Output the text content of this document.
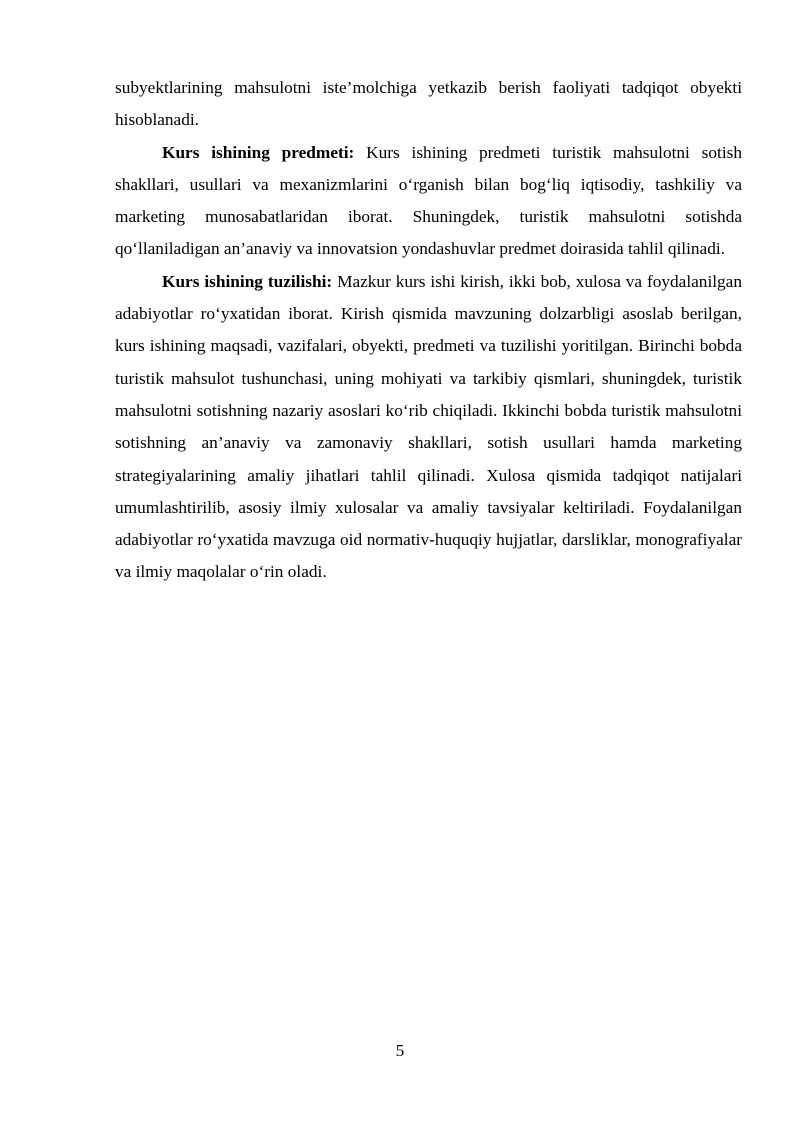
subyektlarining mahsulotni iste’molchiga yetkazib berish faoliyati tadqiqot obyekti hisoblanadi.

Kurs ishining predmeti: Kurs ishining predmeti turistik mahsulotni sotish shakllari, usullari va mexanizmlarini o‘rganish bilan bog‘liq iqtisodiy, tashkiliy va marketing munosabatlaridan iborat. Shuningdek, turistik mahsulotni sotishda qo‘llaniladigan an’anaviy va innovatsion yondashuvlar predmet doirasida tahlil qilinadi.

Kurs ishining tuzilishi: Mazkur kurs ishi kirish, ikki bob, xulosa va foydalanilgan adabiyotlar ro‘yxatidan iborat. Kirish qismida mavzuning dolzarbligi asoslab berilgan, kurs ishining maqsadi, vazifalari, obyekti, predmeti va tuzilishi yoritilgan. Birinchi bobda turistik mahsulot tushunchasi, uning mohiyati va tarkibiy qismlari, shuningdek, turistik mahsulotni sotishning nazariy asoslari ko‘rib chiqiladi. Ikkinchi bobda turistik mahsulotni sotishning an’anaviy va zamonaviy shakllari, sotish usullari hamda marketing strategiyalarining amaliy jihatlari tahlil qilinadi. Xulosa qismida tadqiqot natijalari umumlashtirilib, asosiy ilmiy xulosalar va amaliy tavsiyalar keltiriladi. Foydalanilgan adabiyotlar ro‘yxatida mavzuga oid normativ-huquqiy hujjatlar, darsliklar, monografiyalar va ilmiy maqolalar o‘rin oladi.

5
